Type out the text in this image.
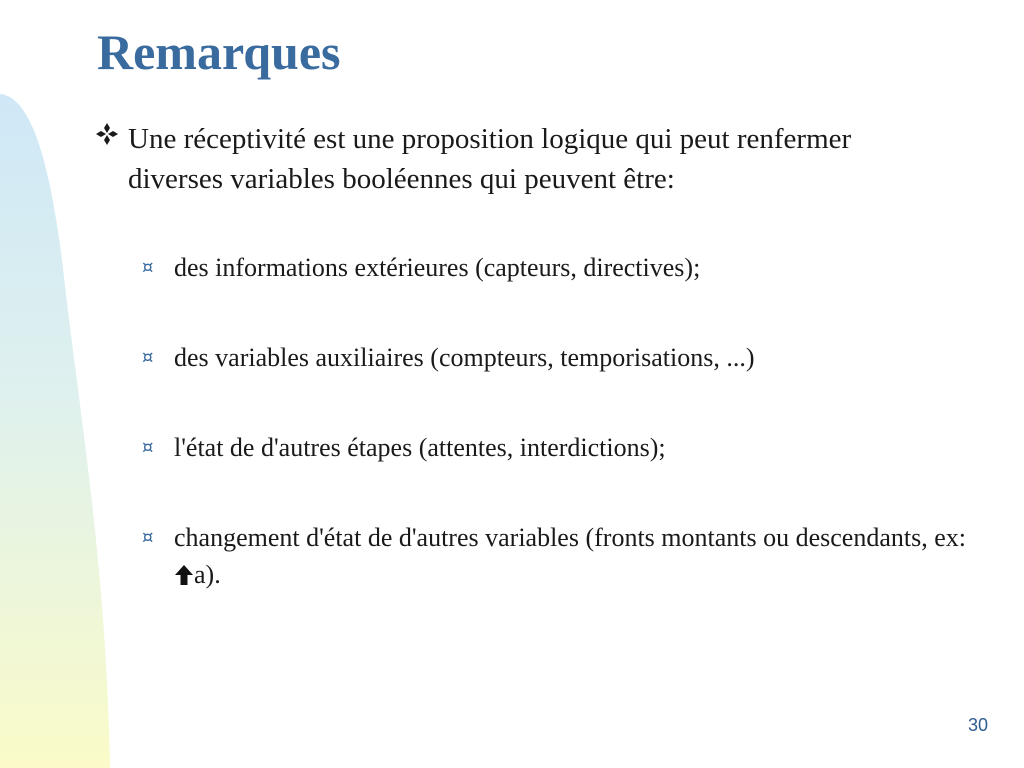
Remarques
Une réceptivité est une proposition logique qui peut renfermer diverses variables booléennes qui peuvent être:
¤ des informations extérieures (capteurs, directives);
¤ des variables auxiliaires (compteurs, temporisations, ...)
¤ l'état de d'autres étapes (attentes, interdictions);
¤ changement d'état de d'autres variables (fronts montants ou descendants, ex: a).
30
